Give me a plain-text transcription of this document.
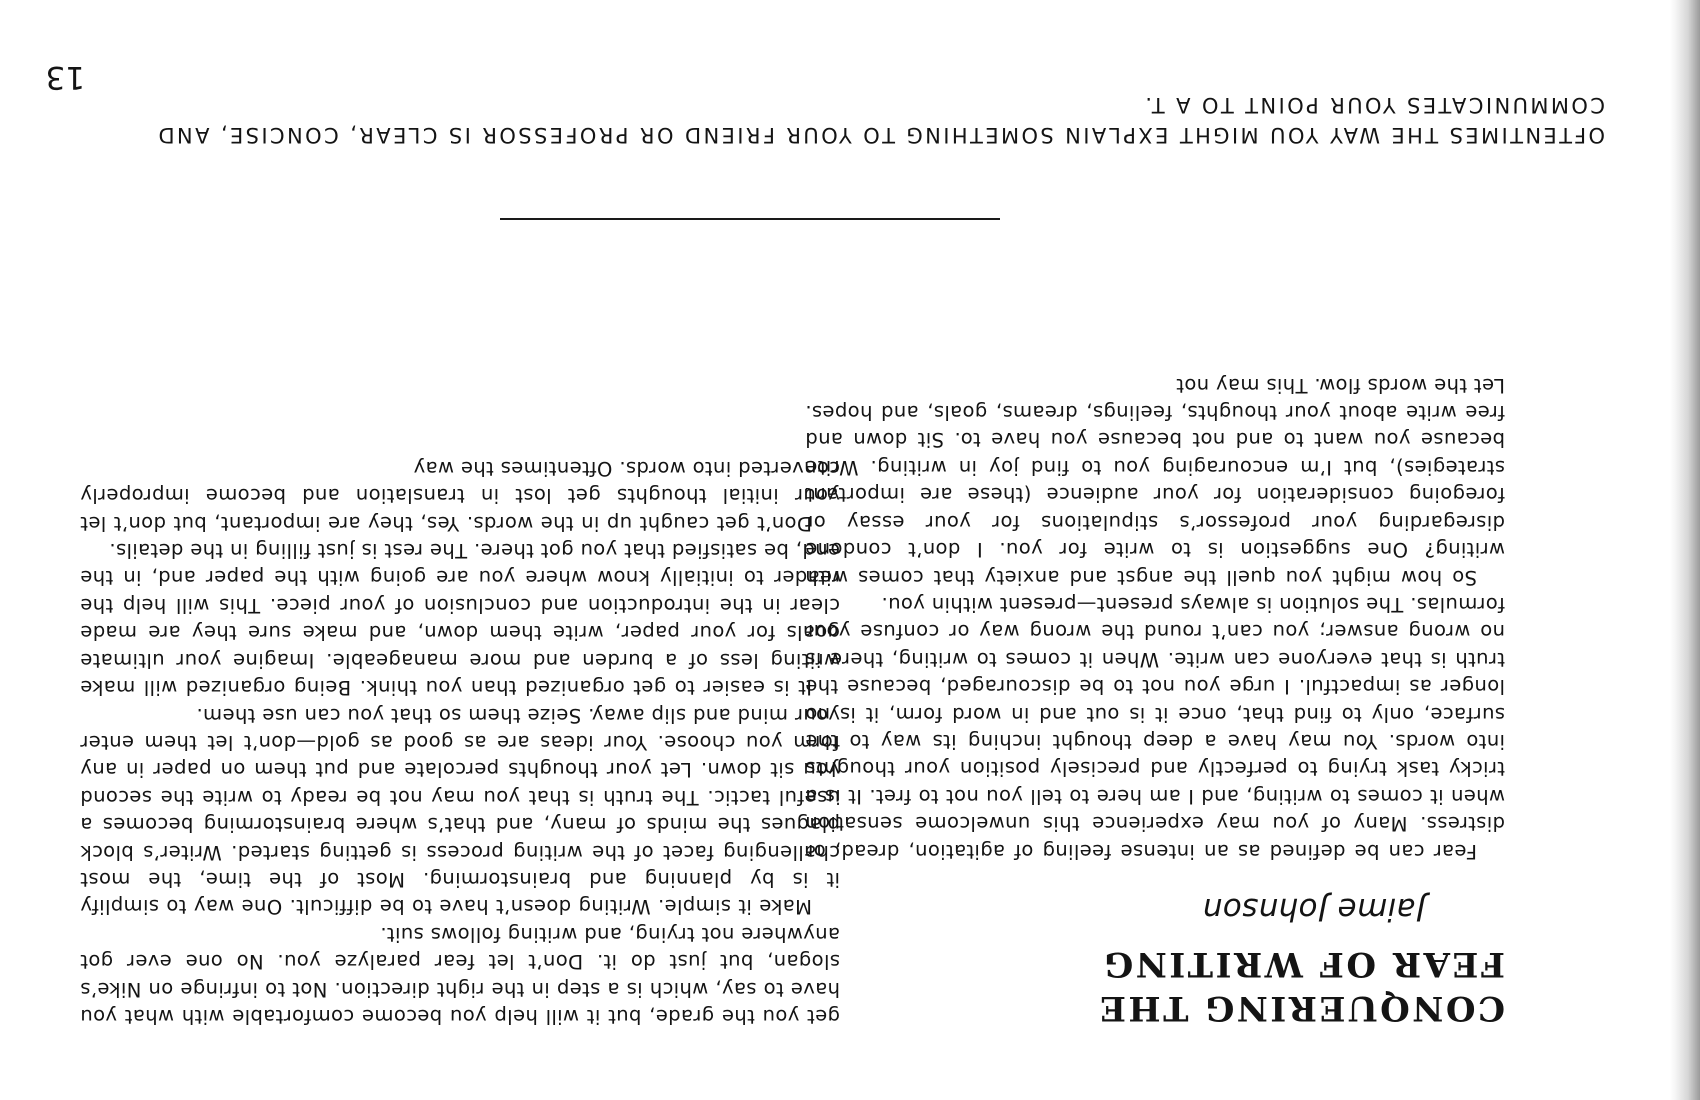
CONQUERING THE
FEAR OF WRITING
Jaime Johnson

Fear can be defined as an intense feeling of agitation, dread, or distress. Many of you may experience this unwelcome sensation when it comes to writing, and I am here to tell you not to fret. It is a tricky task trying to perfectly and precisely position your thoughts into words. You may have a deep thought inching its way to the surface, only to find that, once it is out and in word form, it is no longer as impactful. I urge you not to be discouraged, because the truth is that everyone can write. When it comes to writing, there is no wrong answer; you can’t round the wrong way or confuse your formulas. The solution is always present—present within you.

So how might you quell the angst and anxiety that comes with writing? One suggestion is to write for you. I don’t condone disregarding your professor’s stipulations for your essay or foregoing consideration for your audience (these are important strategies), but I’m encouraging you to find joy in writing. Write because you want to and not because you have to. Sit down and free write about your thoughts, feelings, dreams, goals, and hopes. Let the words flow. This may not

get you the grade, but it will help you become comfortable with what you have to say, which is a step in the right direction. Not to infringe on Nike’s slogan, but just do it. Don’t let fear paralyze you. No one ever got anywhere not trying, and writing follows suit.

Make it simple. Writing doesn’t have to be difficult. One way to simplify it is by planning and brainstorming. Most of the time, the most challenging facet of the writing process is getting started. Writer’s block plagues the minds of many, and that’s where brainstorming becomes a useful tactic. The truth is that you may not be ready to write the second you sit down. Let your thoughts percolate and put them on paper in any form you choose. Your ideas are as good as gold—don’t let them enter your mind and slip away. Seize them so that you can use them.

It is easier to get organized than you think. Being organized will make writing less of a burden and more manageable. Imagine your ultimate goals for your paper, write them down, and make sure they are made clear in the introduction and conclusion of your piece. This will help the reader to initially know where you are going with the paper and, in the end, be satisfied that you got there. The rest is just filling in the details.

Don’t get caught up in the words. Yes, they are important, but don’t let your initial thoughts get lost in translation and become improperly converted into words. Oftentimes the way

OFTENTIMES THE WAY YOU MIGHT EXPLAIN SOMETHING TO YOUR FRIEND OR PROFESSOR IS CLEAR, CONCISE, AND COMMUNICATES YOUR POINT TO A T.
13
